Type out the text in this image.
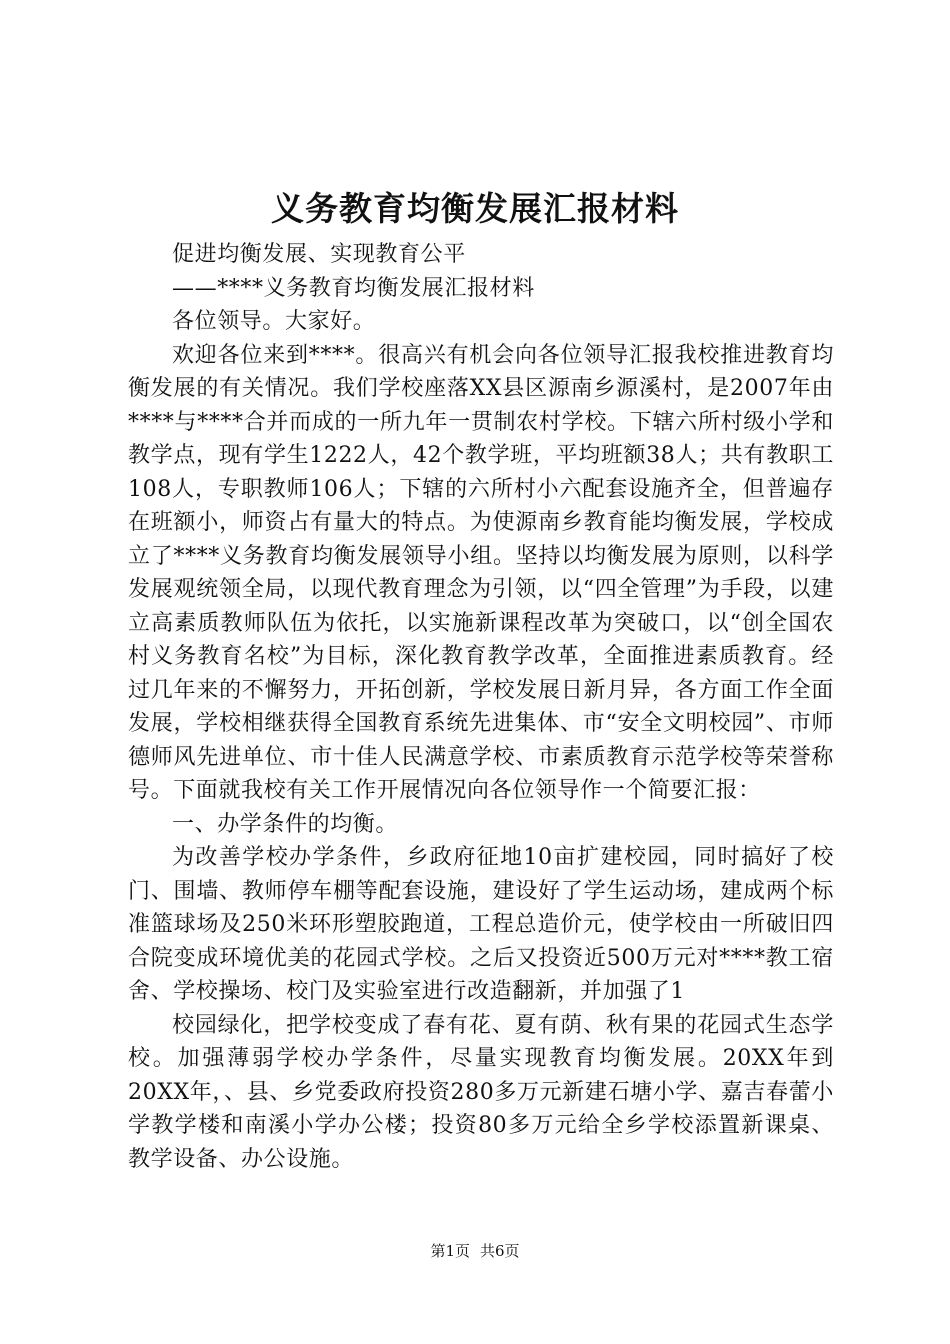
义务教育均衡发展汇报材料

促进均衡发展、实现教育公平

——****义务教育均衡发展汇报材料

各位领导。大家好。

欢迎各位来到****。很高兴有机会向各位领导汇报我校推进教育均衡发展的有关情况。我们学校座落XX县区源南乡源溪村，是2007年由****与****合并而成的一所九年一贯制农村学校。下辖六所村级小学和教学点，现有学生1222人，42个教学班，平均班额38人；共有教职工108人，专职教师106人；下辖的六所村小六配套设施齐全，但普遍存在班额小，师资占有量大的特点。为使源南乡教育能均衡发展，学校成立了****义务教育均衡发展领导小组。坚持以均衡发展为原则，以科学发展观统领全局，以现代教育理念为引领，以“四全管理”为手段，以建立高素质教师队伍为依托，以实施新课程改革为突破口，以“创全国农村义务教育名校”为目标，深化教育教学改革，全面推进素质教育。经过几年来的不懈努力，开拓创新，学校发展日新月异，各方面工作全面发展，学校相继获得全国教育系统先进集体、市“安全文明校园”、市师德师风先进单位、市十佳人民满意学校、市素质教育示范学校等荣誉称号。下面就我校有关工作开展情况向各位领导作一个简要汇报：

一、办学条件的均衡。

为改善学校办学条件，乡政府征地10亩扩建校园，同时搞好了校门、围墙、教师停车棚等配套设施，建设好了学生运动场，建成两个标准篮球场及250米环形塑胶跑道，工程总造价元，使学校由一所破旧四合院变成环境优美的花园式学校。之后又投资近500万元对****教工宿舍、学校操场、校门及实验室进行改造翻新，并加强了1

校园绿化，把学校变成了春有花、夏有荫、秋有果的花园式生态学校。加强薄弱学校办学条件，尽量实现教育均衡发展。20XX年到20XX年，、县、乡党委政府投资280多万元新建石塘小学、嘉吉春蕾小学教学楼和南溪小学办公楼；投资80多万元给全乡学校添置新课桌、教学设备、办公设施。

第1页 共6页
